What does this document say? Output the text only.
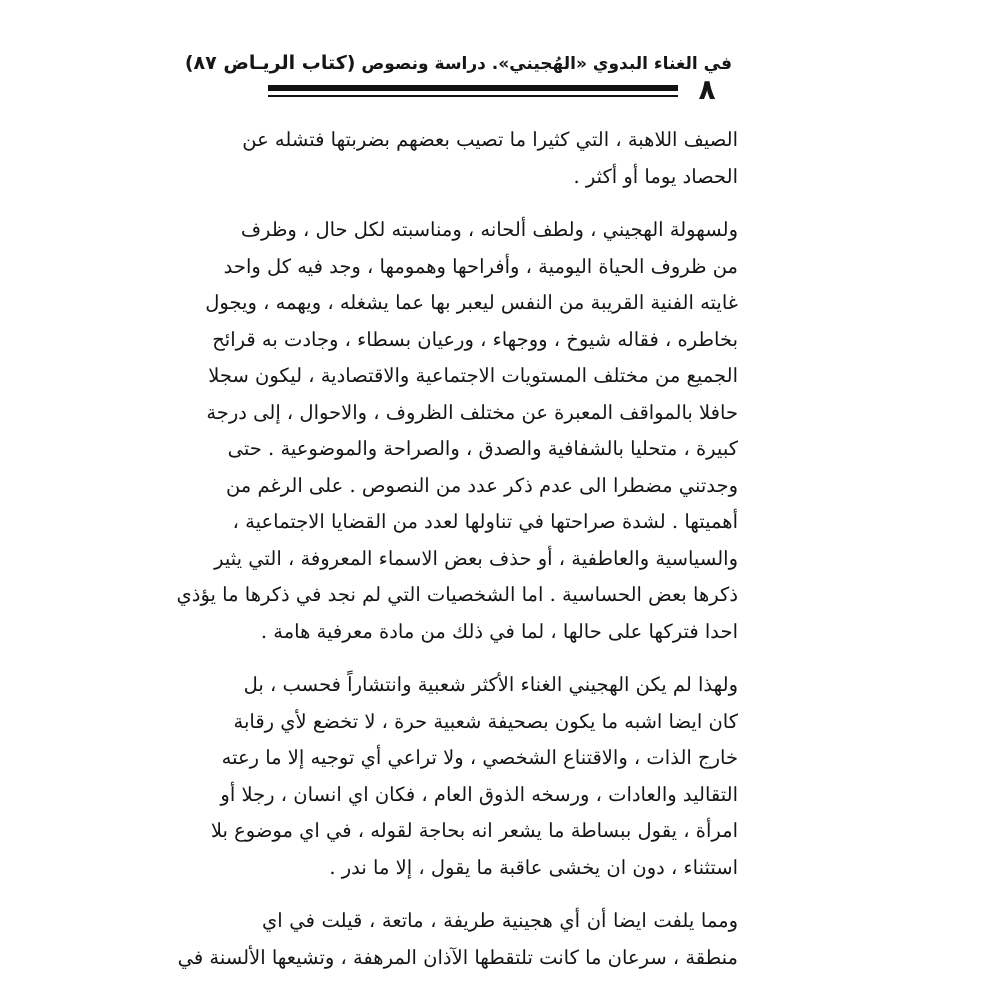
في الغناء البدوي «الهُجيني». دراسة ونصوص (كتاب الريـاض ٨٧)
٨
الصيف اللاهبة ، التي كثيرا ما تصيب بعضهم بضربتها فتشله عن
الحصاد يوما أو أكثر .
ولسهولة الهجيني ، ولطف ألحانه ، ومناسبته لكل حال ، وظرف
من ظروف الحياة اليومية ، وأفراحها وهمومها ، وجد فيه كل واحد
غايته الفنية القريبة من النفس ليعبر بها عما يشغله ، ويهمه ، ويجول
بخاطره ، فقاله شيوخ ، ووجهاء ، ورعيان بسطاء ، وجادت به قرائح
الجميع من مختلف المستويات الاجتماعية والاقتصادية ، ليكون سجلا
حافلا بالمواقف المعبرة عن مختلف الظروف ، والاحوال ، إلى درجة
كبيرة ، متحليا بالشفافية والصدق ، والصراحة والموضوعية . حتى
وجدتني مضطرا الى عدم ذكر عدد من النصوص . على الرغم من
أهميتها . لشدة صراحتها في تناولها لعدد من القضايا الاجتماعية ،
والسياسية والعاطفية ، أو حذف بعض الاسماء المعروفة ، التي يثير
ذكرها بعض الحساسية . اما الشخصيات التي لم نجد في ذكرها ما يؤذي
احدا فتركها على حالها ، لما في ذلك من مادة معرفية هامة .
ولهذا لم يكن الهجيني الغناء الأكثر شعبية وانتشاراً فحسب ، بل
كان ايضا اشبه ما يكون بصحيفة شعبية حرة ، لا تخضع لأي رقابة
خارج الذات ، والاقتناع الشخصي ، ولا تراعي أي توجيه إلا ما رعته
التقاليد والعادات ، ورسخه الذوق العام ، فكان اي انسان ، رجلا أو
امرأة ، يقول ببساطة ما يشعر انه بحاجة لقوله ، في اي موضوع بلا
استثناء ، دون ان يخشى عاقبة ما يقول ، إلا ما ندر .
ومما يلفت ايضا أن أي هجينية طريفة ، ماتعة ، قيلت في اي
منطقة ، سرعان ما كانت تلتقطها الآذان المرهفة ، وتشيعها الألسنة في
